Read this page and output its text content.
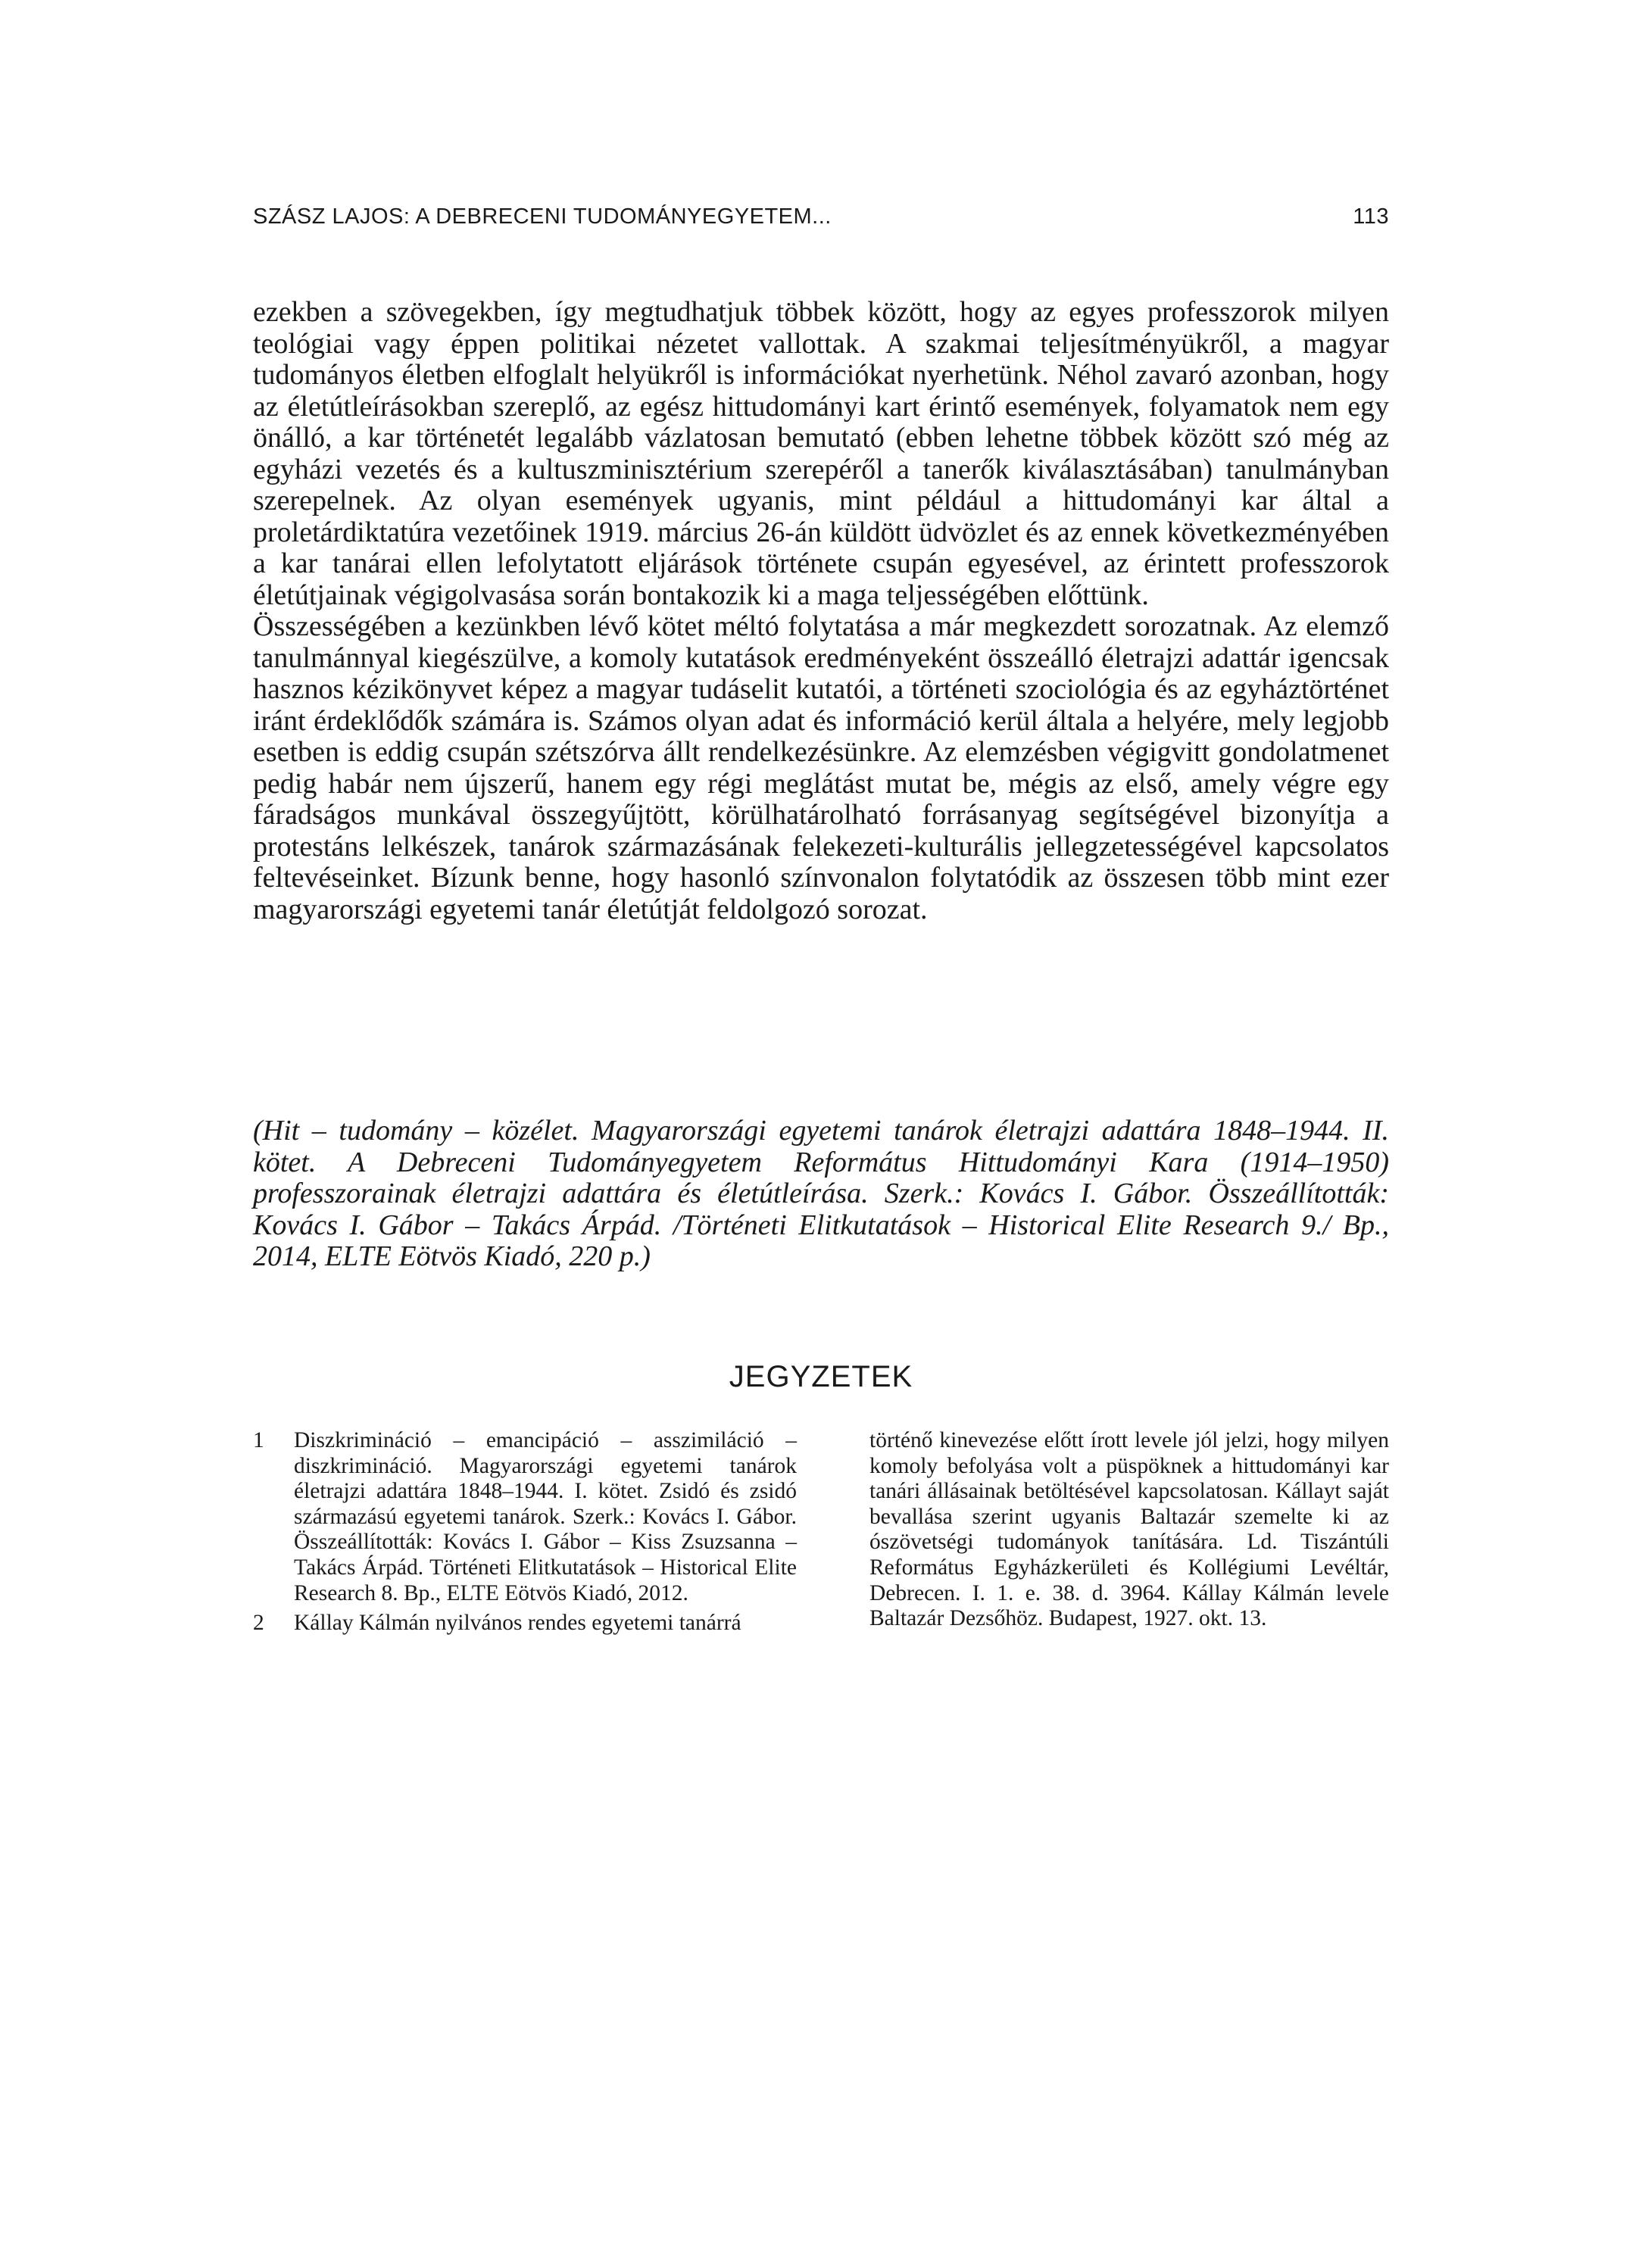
SZÁSZ LAJOS: A DEBRECENI TUDOMÁNYEGYETEM...	113

ezekben a szövegekben, így megtudhatjuk többek között, hogy az egyes professzorok milyen teológiai vagy éppen politikai nézetet vallottak. A szakmai teljesítményükről, a magyar tudományos életben elfoglalt helyükről is információkat nyerhetünk. Néhol zavaró azonban, hogy az életútleírásokban szereplő, az egész hittudományi kart érintő események, folyamatok nem egy önálló, a kar történetét legalább vázlatosan bemutató (ebben lehetne többek között szó még az egyházi vezetés és a kultuszminisztérium szerepéről a tanerők kiválasztásában) tanulmányban szerepelnek. Az olyan események ugyanis, mint például a hittudományi kar által a proletárdiktatúra vezetőinek 1919. március 26-án küldött üdvözlet és az ennek következményében a kar tanárai ellen lefolytatott eljárások története csupán egyesével, az érintett professzorok életútjainak végigolvasása során bontakozik ki a maga teljességében előttünk.

Összességében a kezünkben lévő kötet méltó folytatása a már megkezdett sorozatnak. Az elemző tanulmánnyal kiegészülve, a komoly kutatások eredményeként összeálló életrajzi adattár igencsak hasznos kézikönyvet képez a magyar tudáselit kutatói, a történeti szociológia és az egyháztörténet iránt érdeklődők számára is. Számos olyan adat és információ kerül általa a helyére, mely legjobb esetben is eddig csupán szétszórva állt rendelkezésünkre. Az elemzésben végigvitt gondolatmenet pedig habár nem újszerű, hanem egy régi meglátást mutat be, mégis az első, amely végre egy fáradságos munkával összegyűjtött, körülhatárolható forrásanyag segítségével bizonyítja a protestáns lelkészek, tanárok származásának felekezeti-kulturális jellegzetességével kapcsolatos feltevéseinket. Bízunk benne, hogy hasonló színvonalon folytatódik az összesen több mint ezer magyarországi egyetemi tanár életútját feldolgozó sorozat.

(Hit – tudomány – közélet. Magyarországi egyetemi tanárok életrajzi adattára 1848–1944. II. kötet. A Debreceni Tudományegyetem Református Hittudományi Kara (1914–1950) professzorainak életrajzi adattára és életútleírása. Szerk.: Kovács I. Gábor. Összeállították: Kovács I. Gábor – Takács Árpád. /Történeti Elitkutatások – Historical Elite Research 9./ Bp., 2014, ELTE Eötvös Kiadó, 220 p.)

JEGYZETEK

1 Diszkrimináció – emancipáció – asszimiláció – diszkrimináció. Magyarországi egyetemi tanárok életrajzi adattára 1848–1944. I. kötet. Zsidó és zsidó származású egyetemi tanárok. Szerk.: Kovács I. Gábor. Összeállították: Kovács I. Gábor – Kiss Zsuzsanna – Takács Árpád. Történeti Elitkutatások – Historical Elite Research 8. Bp., ELTE Eötvös Kiadó, 2012.

2 Kállay Kálmán nyilvános rendes egyetemi tanárrá

történő kinevezése előtt írott levele jól jelzi, hogy milyen komoly befolyása volt a püspöknek a hittudományi kar tanári állásainak betöltésével kapcsolatosan. Kállayt saját bevallása szerint ugyanis Baltazár szemelte ki az ószövetségi tudományok tanítására. Ld. Tiszántúli Református Egyházkerületi és Kollégiumi Levéltár, Debrecen. I. 1. e. 38. d. 3964. Kállay Kálmán levele Baltazár Dezsőhöz. Budapest, 1927. okt. 13.
